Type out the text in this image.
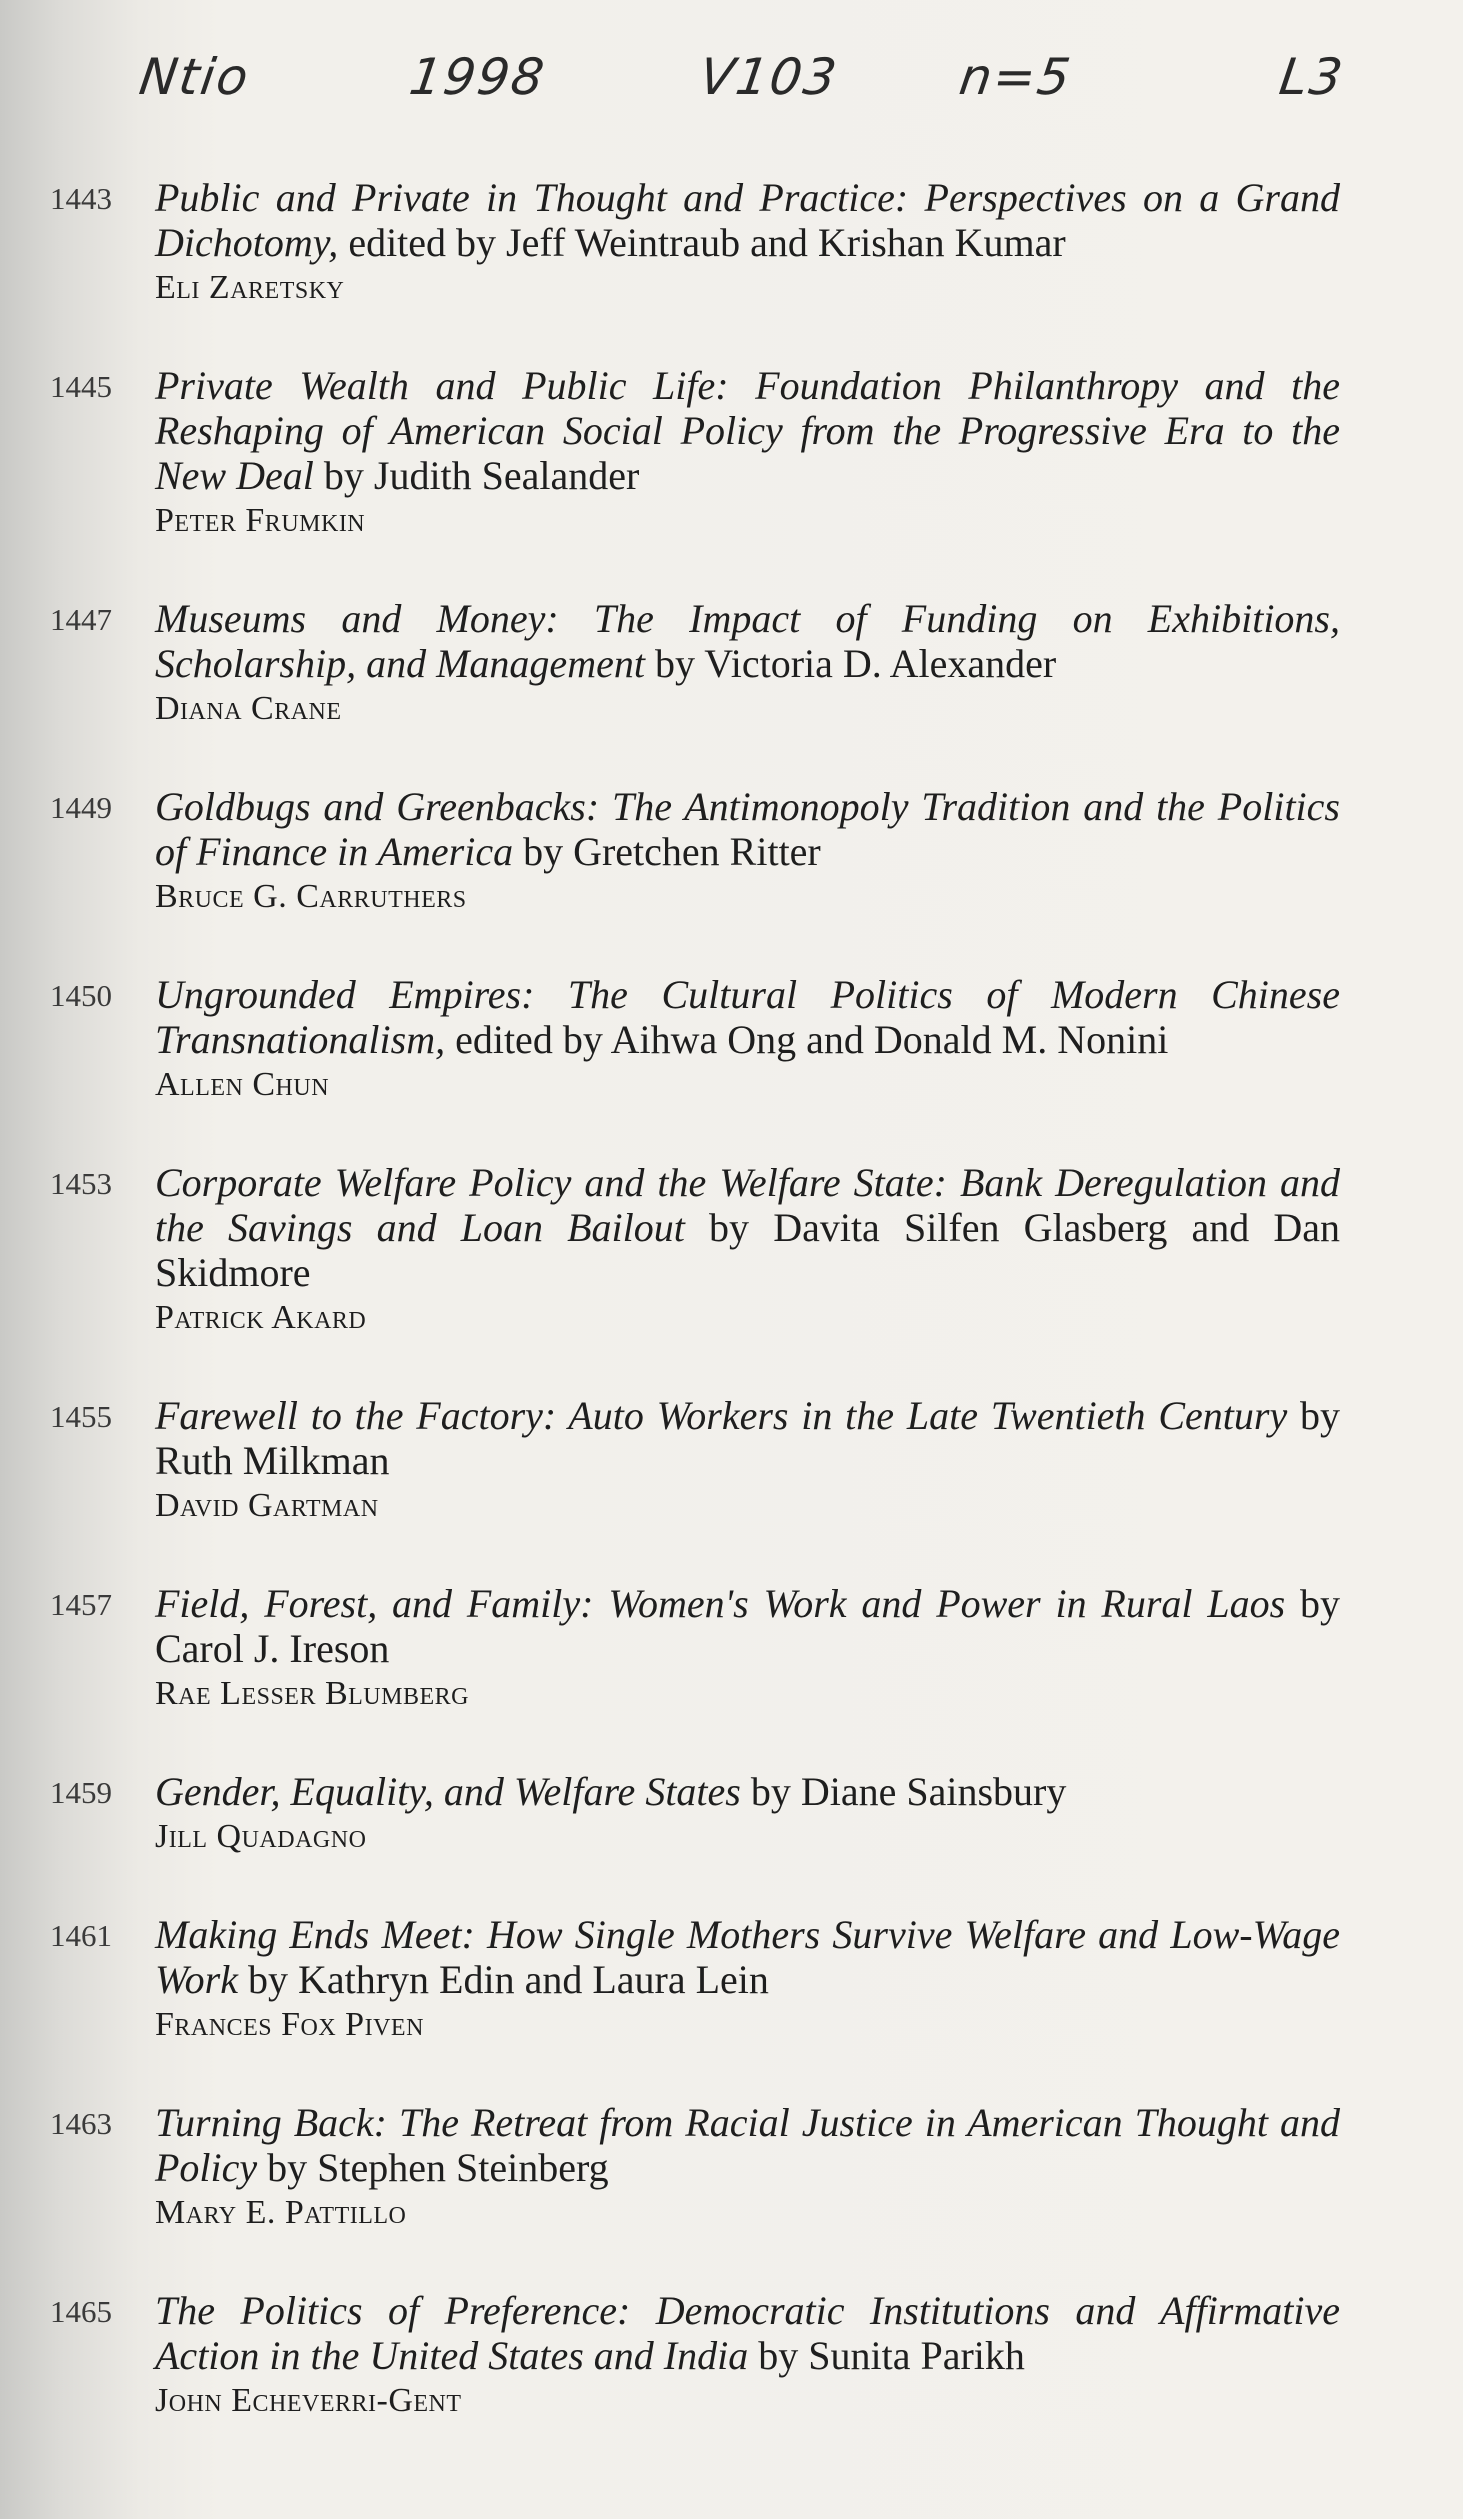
Ntio	1998	V103 n=5	L3
1443	Public and Private in Thought and Practice: Perspectives on a Grand Dichotomy, edited by Jeff Weintraub and Krishan Kumar
Eli Zaretsky
1445	Private Wealth and Public Life: Foundation Philanthropy and the Reshaping of American Social Policy from the Progressive Era to the New Deal by Judith Sealander
Peter Frumkin
1447	Museums and Money: The Impact of Funding on Exhibitions, Scholarship, and Management by Victoria D. Alexander
Diana Crane
1449	Goldbugs and Greenbacks: The Antimonopoly Tradition and the Politics of Finance in America by Gretchen Ritter
Bruce G. Carruthers
1450	Ungrounded Empires: The Cultural Politics of Modern Chinese Transnationalism, edited by Aihwa Ong and Donald M. Nonini
Allen Chun
1453	Corporate Welfare Policy and the Welfare State: Bank Deregulation and the Savings and Loan Bailout by Davita Silfen Glasberg and Dan Skidmore
Patrick Akard
1455	Farewell to the Factory: Auto Workers in the Late Twentieth Century by Ruth Milkman
David Gartman
1457	Field, Forest, and Family: Women's Work and Power in Rural Laos by Carol J. Ireson
Rae Lesser Blumberg
1459	Gender, Equality, and Welfare States by Diane Sainsbury
Jill Quadagno
1461	Making Ends Meet: How Single Mothers Survive Welfare and Low-Wage Work by Kathryn Edin and Laura Lein
Frances Fox Piven
1463	Turning Back: The Retreat from Racial Justice in American Thought and Policy by Stephen Steinberg
Mary E. Pattillo
1465	The Politics of Preference: Democratic Institutions and Affirmative Action in the United States and India by Sunita Parikh
John Echeverri-Gent
